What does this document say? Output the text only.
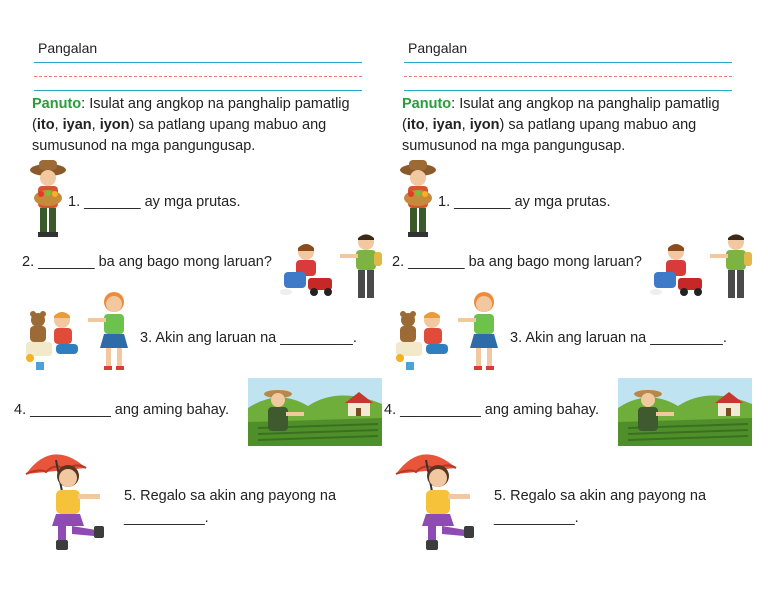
Pangalan
Panuto: Isulat ang angkop na panghalip pamatlig (ito, iyan, iyon) sa patlang upang mabuo ang sumusunod na mga pangungusap.
1. _______ ay mga prutas.
2. _______ ba ang bago mong laruan?
3. Akin ang laruan na _________.
4. __________ ang aming bahay.
5. Regalo sa akin ang payong na
__________.
Pangalan
Panuto: Isulat ang angkop na panghalip pamatlig (ito, iyan, iyon) sa patlang upang mabuo ang sumusunod na mga pangungusap.
1. _______ ay mga prutas.
2. _______ ba ang bago mong laruan?
3. Akin ang laruan na _________.
4. __________ ang aming bahay.
5. Regalo sa akin ang payong na
__________.
